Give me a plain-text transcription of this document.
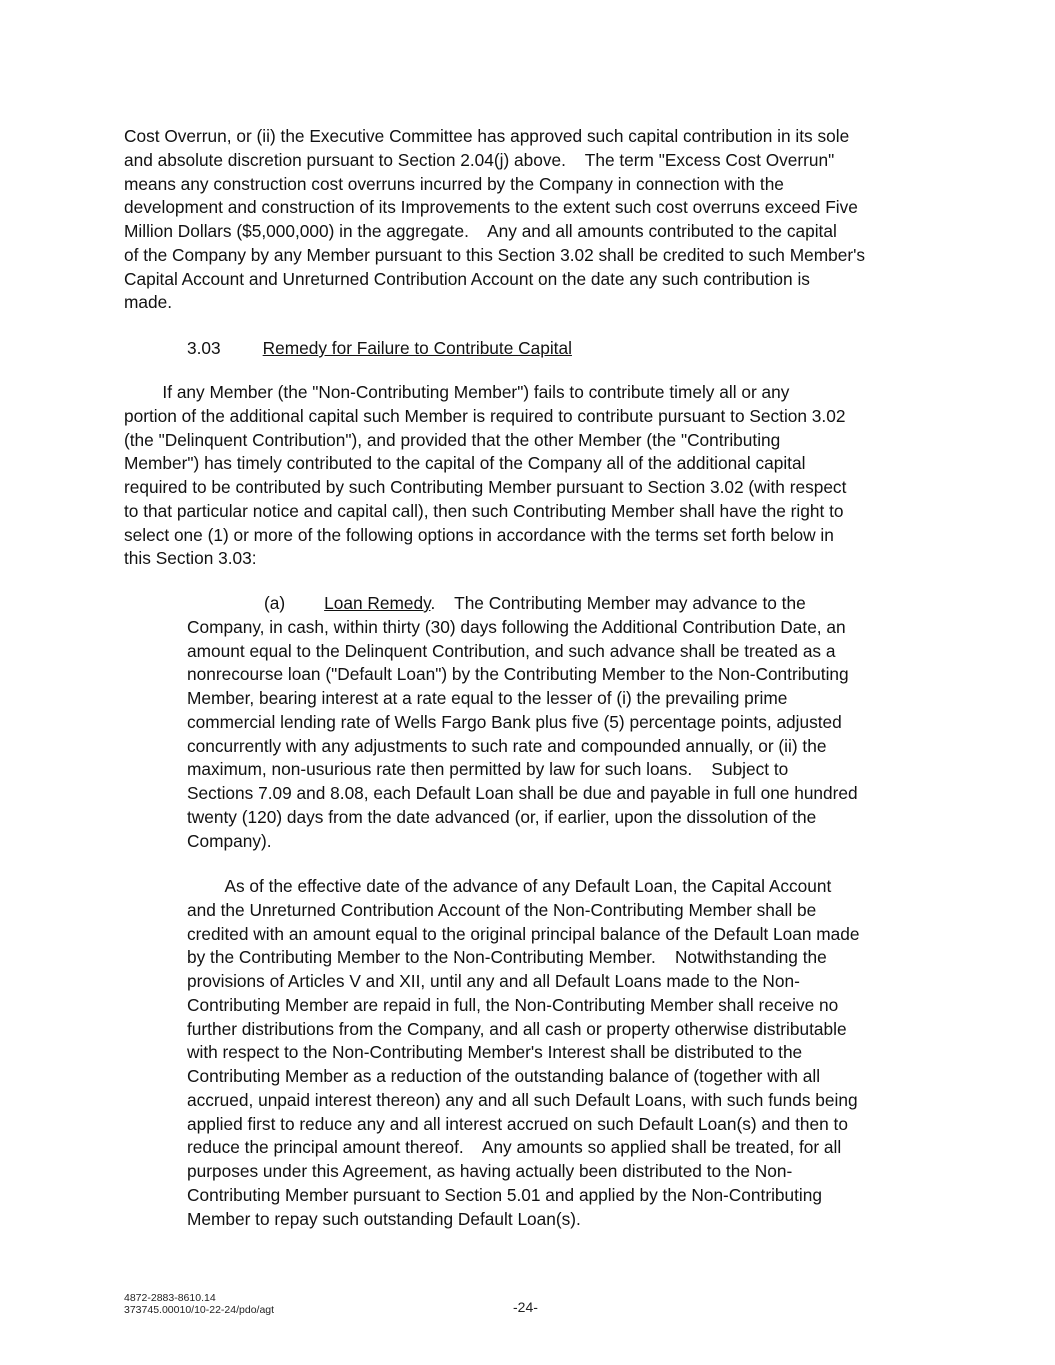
Cost Overrun, or (ii) the Executive Committee has approved such capital contribution in its sole
and absolute discretion pursuant to Section 2.04(j) above.    The term "Excess Cost Overrun"
means any construction cost overruns incurred by the Company in connection with the
development and construction of its Improvements to the extent such cost overruns exceed Five
Million Dollars ($5,000,000) in the aggregate.    Any and all amounts contributed to the capital
of the Company by any Member pursuant to this Section 3.02 shall be credited to such Member's
Capital Account and Unreturned Contribution Account on the date any such contribution is
made.
3.03 Remedy for Failure to Contribute Capital
If any Member (the "Non-Contributing Member") fails to contribute timely all or any
portion of the additional capital such Member is required to contribute pursuant to Section 3.02
(the "Delinquent Contribution"), and provided that the other Member (the "Contributing
Member") has timely contributed to the capital of the Company all of the additional capital
required to be contributed by such Contributing Member pursuant to Section 3.02 (with respect
to that particular notice and capital call), then such Contributing Member shall have the right to
select one (1) or more of the following options in accordance with the terms set forth below in
this Section 3.03:
(a) Loan Remedy.    The Contributing Member may advance to the
Company, in cash, within thirty (30) days following the Additional Contribution Date, an
amount equal to the Delinquent Contribution, and such advance shall be treated as a
nonrecourse loan ("Default Loan") by the Contributing Member to the Non-Contributing
Member, bearing interest at a rate equal to the lesser of (i) the prevailing prime
commercial lending rate of Wells Fargo Bank plus five (5) percentage points, adjusted
concurrently with any adjustments to such rate and compounded annually, or (ii) the
maximum, non-usurious rate then permitted by law for such loans.    Subject to
Sections 7.09 and 8.08, each Default Loan shall be due and payable in full one hundred
twenty (120) days from the date advanced (or, if earlier, upon the dissolution of the
Company).
As of the effective date of the advance of any Default Loan, the Capital Account
and the Unreturned Contribution Account of the Non-Contributing Member shall be
credited with an amount equal to the original principal balance of the Default Loan made
by the Contributing Member to the Non-Contributing Member.    Notwithstanding the
provisions of Articles V and XII, until any and all Default Loans made to the Non-
Contributing Member are repaid in full, the Non-Contributing Member shall receive no
further distributions from the Company, and all cash or property otherwise distributable
with respect to the Non-Contributing Member's Interest shall be distributed to the
Contributing Member as a reduction of the outstanding balance of (together with all
accrued, unpaid interest thereon) any and all such Default Loans, with such funds being
applied first to reduce any and all interest accrued on such Default Loan(s) and then to
reduce the principal amount thereof.    Any amounts so applied shall be treated, for all
purposes under this Agreement, as having actually been distributed to the Non-
Contributing Member pursuant to Section 5.01 and applied by the Non-Contributing
Member to repay such outstanding Default Loan(s).
4872-2883-8610.14
373745.00010/10-22-24/pdo/agt	-24-
